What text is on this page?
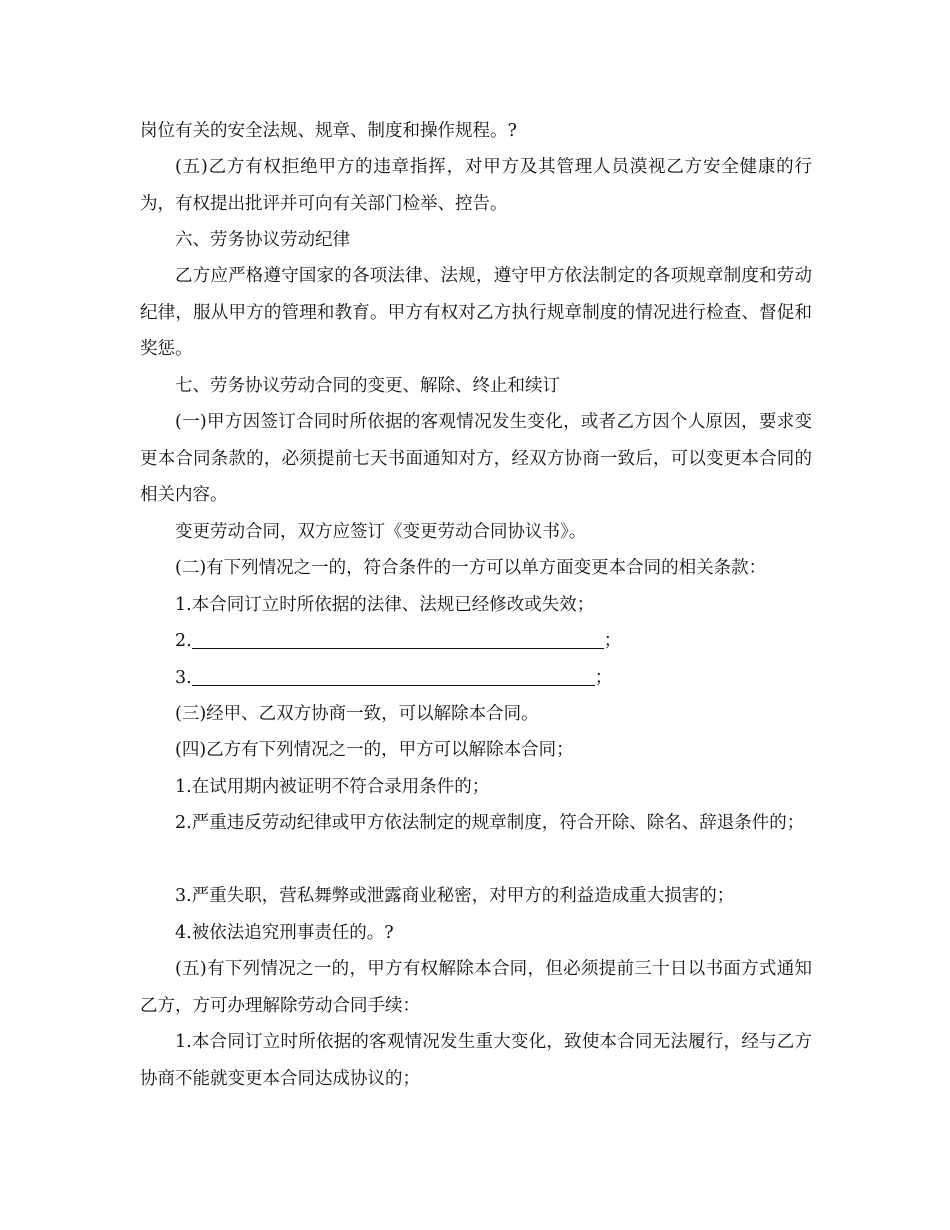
岗位有关的安全法规、规章、制度和操作规程。?

(五)乙方有权拒绝甲方的违章指挥，对甲方及其管理人员漠视乙方安全健康的行为，有权提出批评并可向有关部门检举、控告。

六、劳务协议劳动纪律

乙方应严格遵守国家的各项法律、法规，遵守甲方依法制定的各项规章制度和劳动纪律，服从甲方的管理和教育。甲方有权对乙方执行规章制度的情况进行检查、督促和奖惩。

七、劳务协议劳动合同的变更、解除、终止和续订

(一)甲方因签订合同时所依据的客观情况发生变化，或者乙方因个人原因，要求变更本合同条款的，必须提前七天书面通知对方，经双方协商一致后，可以变更本合同的相关内容。

变更劳动合同，双方应签订《变更劳动合同协议书》。

(二)有下列情况之一的，符合条件的一方可以单方面变更本合同的相关条款：

1.本合同订立时所依据的法律、法规已经修改或失效；

2.	；

3.	；

(三)经甲、乙双方协商一致，可以解除本合同。

(四)乙方有下列情况之一的，甲方可以解除本合同；

1.在试用期内被证明不符合录用条件的；

2.严重违反劳动纪律或甲方依法制定的规章制度，符合开除、除名、辞退条件的；

3.严重失职，营私舞弊或泄露商业秘密，对甲方的利益造成重大损害的；

4.被依法追究刑事责任的。?

(五)有下列情况之一的，甲方有权解除本合同，但必须提前三十日以书面方式通知乙方，方可办理解除劳动合同手续：

1.本合同订立时所依据的客观情况发生重大变化，致使本合同无法履行，经与乙方协商不能就变更本合同达成协议的；
